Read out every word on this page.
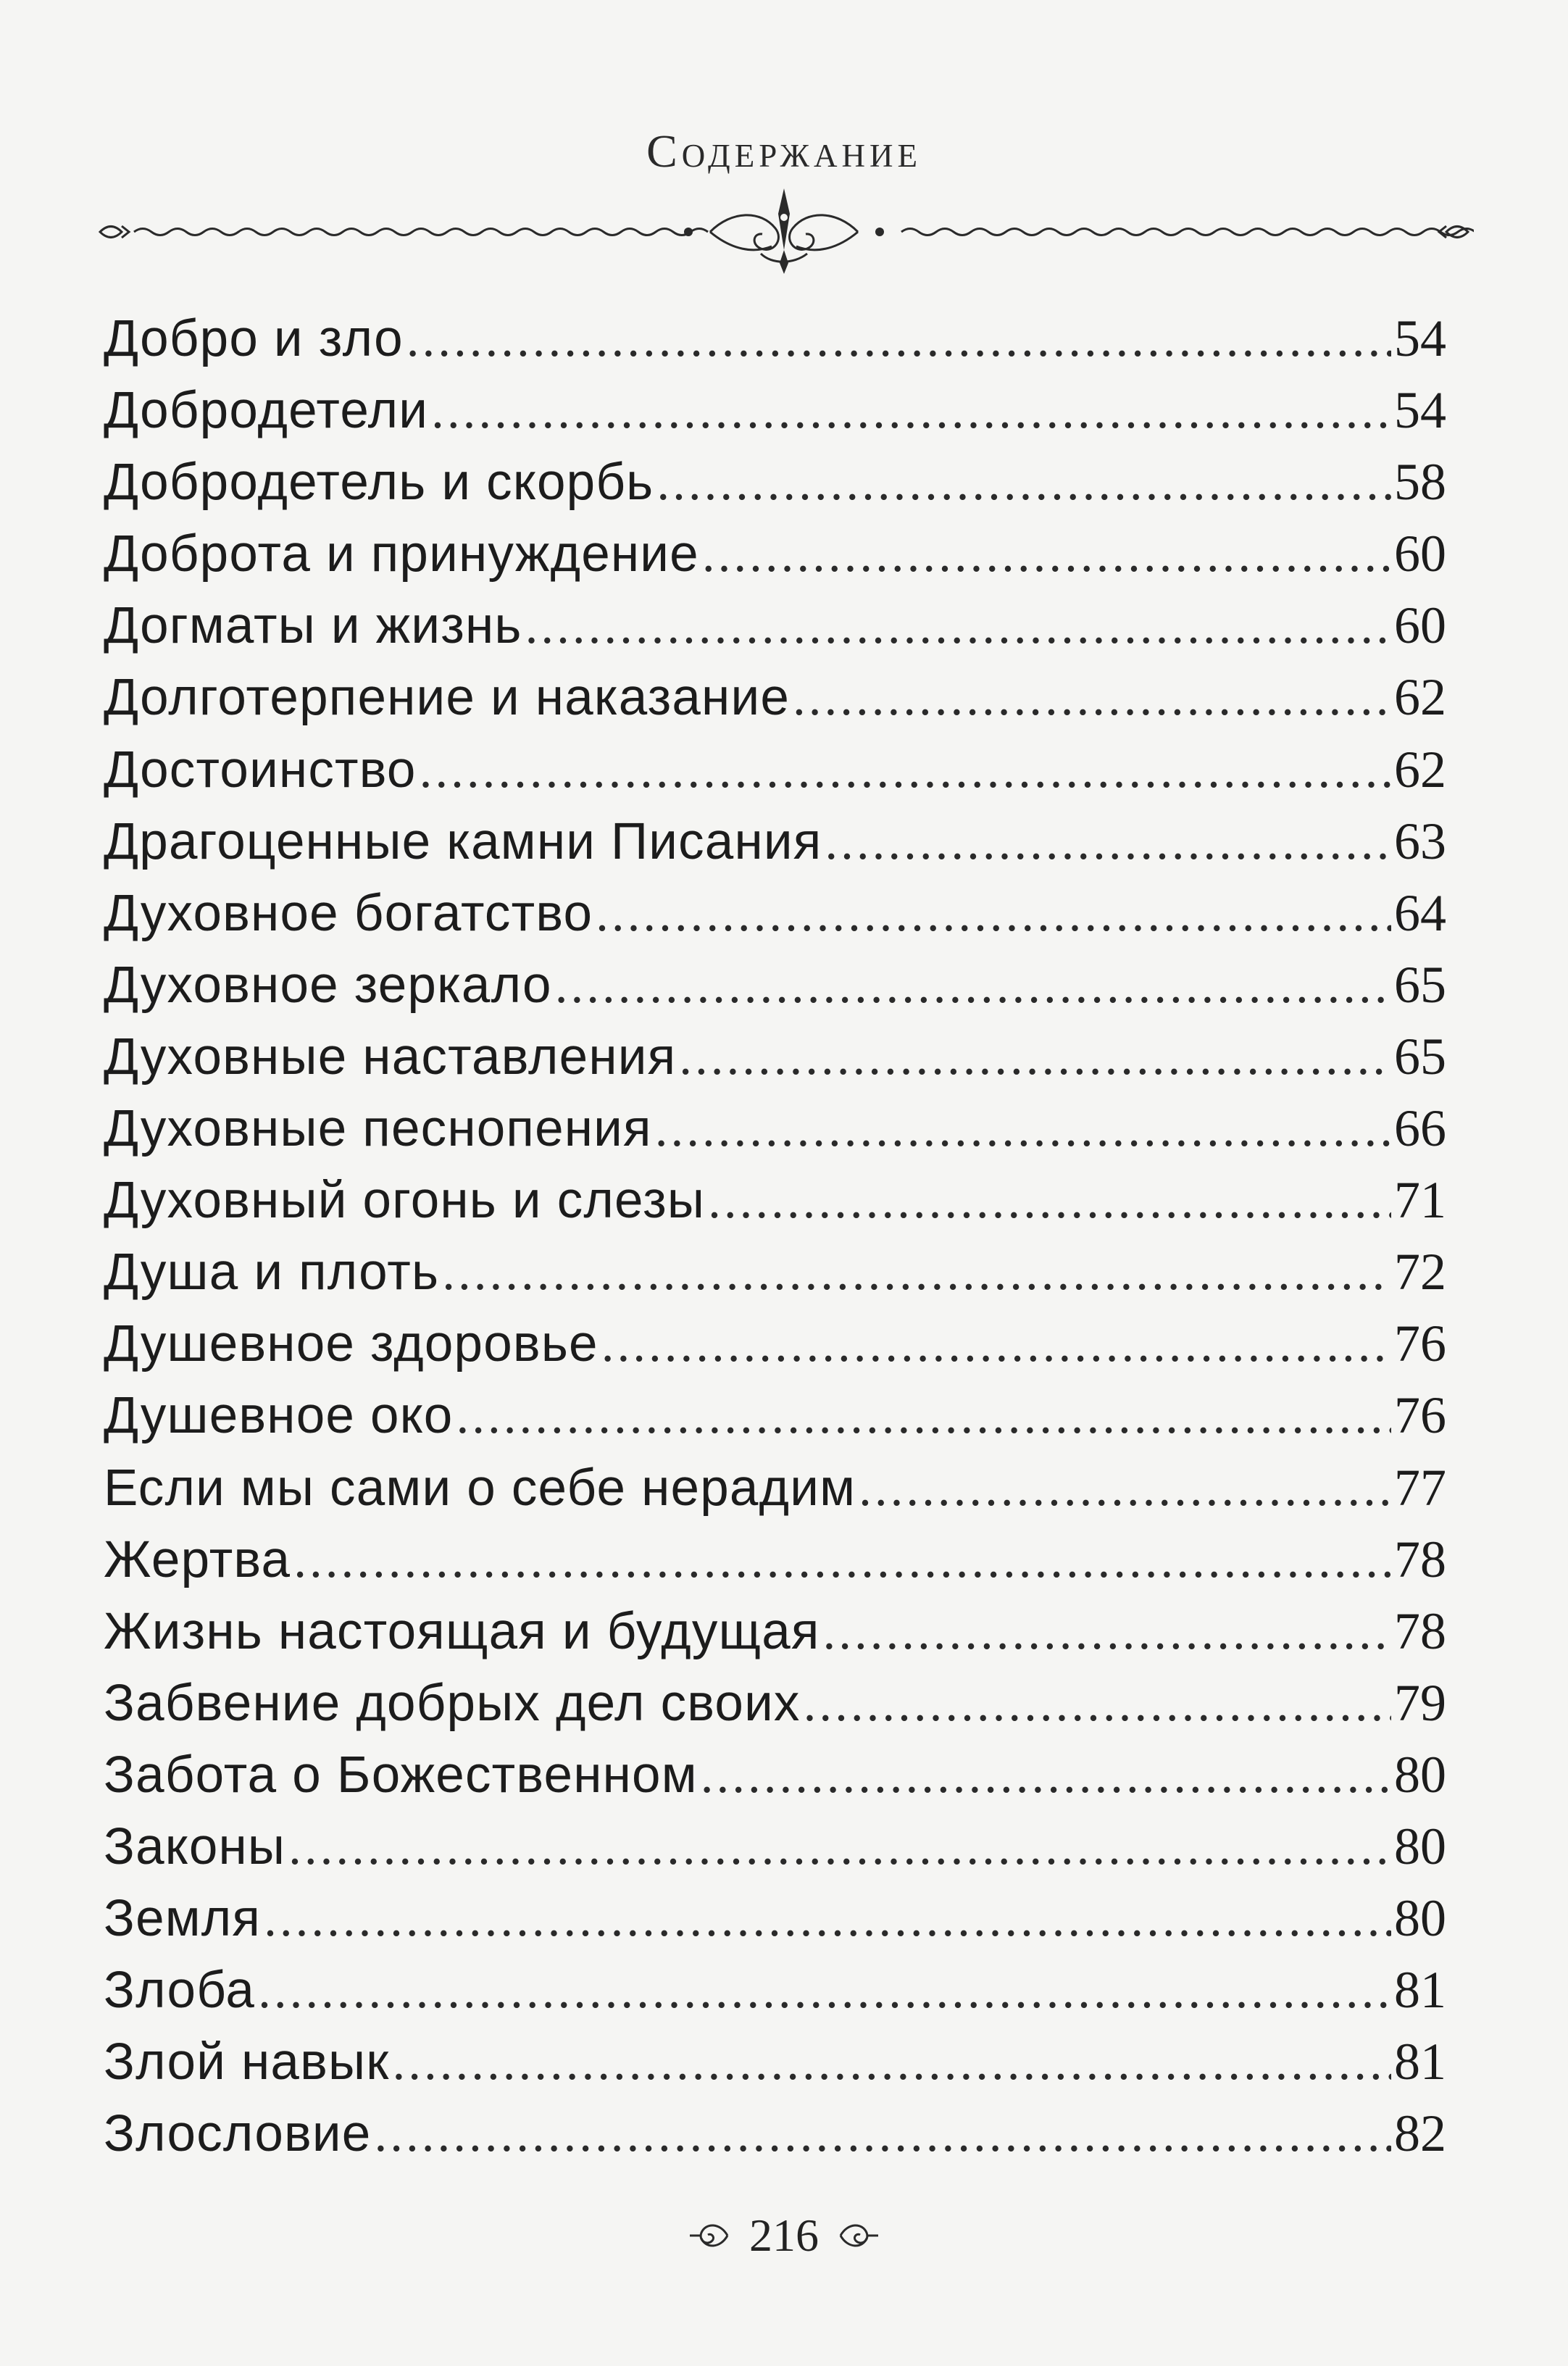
Содержание
Добро и зло .....	54
Добродетели .....	54
Добродетель и скорбь .....	58
Доброта и принуждение .....	60
Догматы и жизнь .....	60
Долготерпение и наказание .....	62
Достоинство .....	62
Драгоценные камни Писания .....	63
Духовное богатство .....	64
Духовное зеркало .....	65
Духовные наставления .....	65
Духовные песнопения .....	66
Духовный огонь и слезы .....	71
Душа и плоть .....	72
Душевное здоровье .....	76
Душевное око .....	76
Если мы сами о себе нерадим .....	77
Жертва .....	78
Жизнь настоящая и будущая .....	78
Забвение добрых дел своих .....	79
Забота о Божественном .....	80
Законы .....	80
Земля .....	80
Злоба .....	81
Злой навык .....	81
Злословие .....	82
216
